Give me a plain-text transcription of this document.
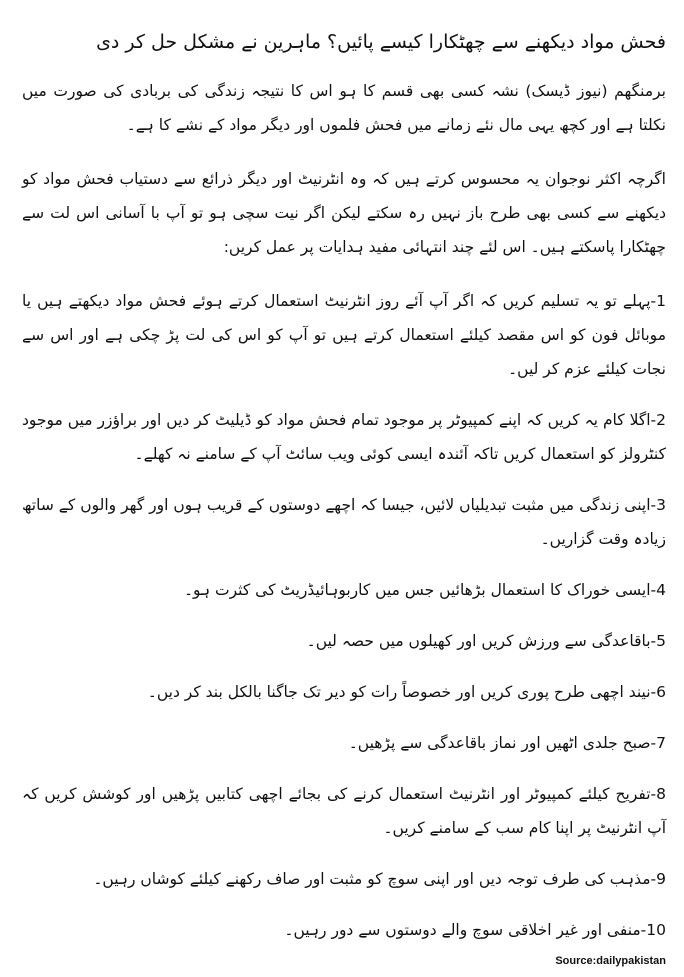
فحش مواد دیکھنے سے چھٹکارا کیسے پائیں؟ ماہرین نے مشکل حل کر دی

برمنگھم (نیوز ڈیسک) نشہ کسی بھی قسم کا ہو اس کا نتیجہ زندگی کی بربادی کی صورت میں نکلتا ہے اور کچھ یہی مال نئے زمانے میں فحش فلموں اور دیگر مواد کے نشے کا ہے۔

اگرچہ اکثر نوجوان یہ محسوس کرتے ہیں کہ وہ انٹرنیٹ اور دیگر ذرائع سے دستیاب فحش مواد کو دیکھنے سے کسی بھی طرح باز نہیں رہ سکتے لیکن اگر نیت سچی ہو تو آپ با آسانی اس لت سے چھٹکارا پاسکتے ہیں۔ اس لئے چند انتہائی مفید ہدایات پر عمل کریں:

1-پہلے تو یہ تسلیم کریں کہ اگر آپ آئے روز انٹرنیٹ استعمال کرتے ہوئے فحش مواد دیکھتے ہیں یا موبائل فون کو اس مقصد کیلئے استعمال کرتے ہیں تو آپ کو اس کی لت پڑ چکی ہے اور اس سے نجات کیلئے عزم کر لیں۔
2-اگلا کام یہ کریں کہ اپنے کمپیوٹر پر موجود تمام فحش مواد کو ڈیلیٹ کر دیں اور براؤزر میں موجود کنٹرولز کو استعمال کریں تاکہ آئندہ ایسی کوئی ویب سائٹ آپ کے سامنے نہ کھلے۔
3-اپنی زندگی میں مثبت تبدیلیاں لائیں، جیسا کہ اچھے دوستوں کے قریب ہوں اور گھر والوں کے ساتھ زیادہ وقت گزاریں۔
4-ایسی خوراک کا استعمال بڑھائیں جس میں کاربوہائیڈریٹ کی کثرت ہو۔
5-باقاعدگی سے ورزش کریں اور کھیلوں میں حصہ لیں۔
6-نیند اچھی طرح پوری کریں اور خصوصاً رات کو دیر تک جاگنا بالکل بند کر دیں۔
7-صبح جلدی اٹھیں اور نماز باقاعدگی سے پڑھیں۔
8-تفریح کیلئے کمپیوٹر اور انٹرنیٹ استعمال کرنے کی بجائے اچھی کتابیں پڑھیں اور کوشش کریں کہ آپ انٹرنیٹ پر اپنا کام سب کے سامنے کریں۔
9-مذہب کی طرف توجہ دیں اور اپنی سوچ کو مثبت اور صاف رکھنے کیلئے کوشاں رہیں۔
10-منفی اور غیر اخلاقی سوچ والے دوستوں سے دور رہیں۔
Source:dailypakistan
